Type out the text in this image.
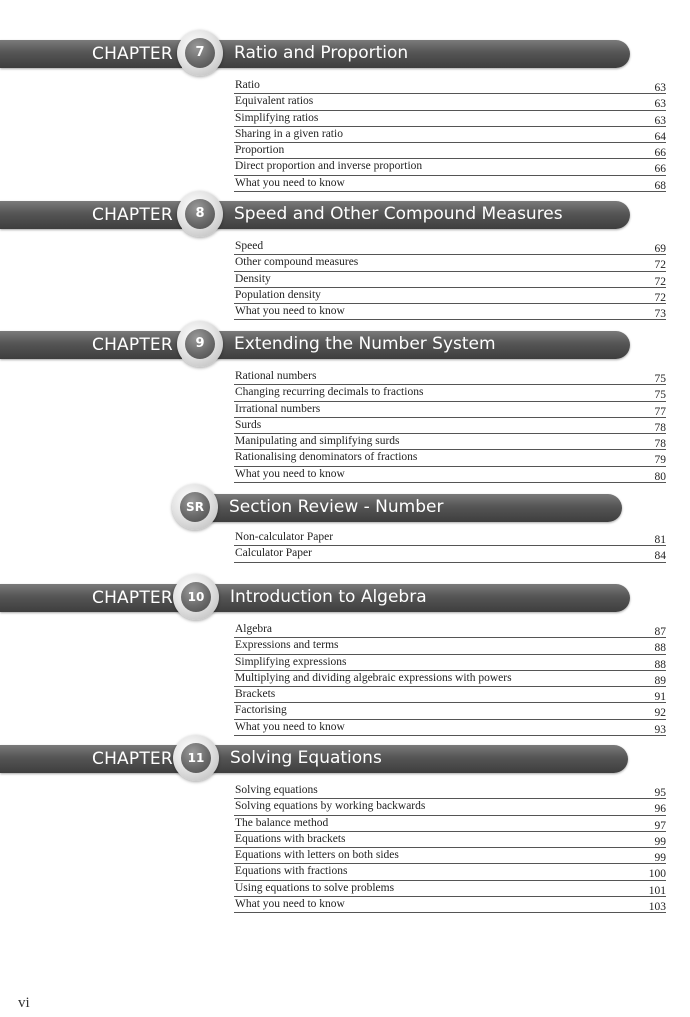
CHAPTER	Ratio and Proportion
7
Ratio	63
Equivalent ratios	63
Simplifying ratios	63
Sharing in a given ratio	64
Proportion	66
Direct proportion and inverse proportion	66
What you need to know	68
CHAPTER	Speed and Other Compound Measures
8
Speed	69
Other compound measures	72
Density	72
Population density	72
What you need to know	73
CHAPTER	Extending the Number System
9
Rational numbers	75
Changing recurring decimals to fractions	75
Irrational numbers	77
Surds	78
Manipulating and simplifying surds	78
Rationalising denominators of fractions	79
What you need to know	80
Section Review - Number
SR
Non-calculator Paper	81
Calculator Paper	84
CHAPTER	Introduction to Algebra
10
Algebra	87
Expressions and terms	88
Simplifying expressions	88
Multiplying and dividing algebraic expressions with powers	89
Brackets	91
Factorising	92
What you need to know	93
CHAPTER	Solving Equations
11
Solving equations	95
Solving equations by working backwards	96
The balance method	97
Equations with brackets	99
Equations with letters on both sides	99
Equations with fractions	100
Using equations to solve problems	101
What you need to know	103
vi
